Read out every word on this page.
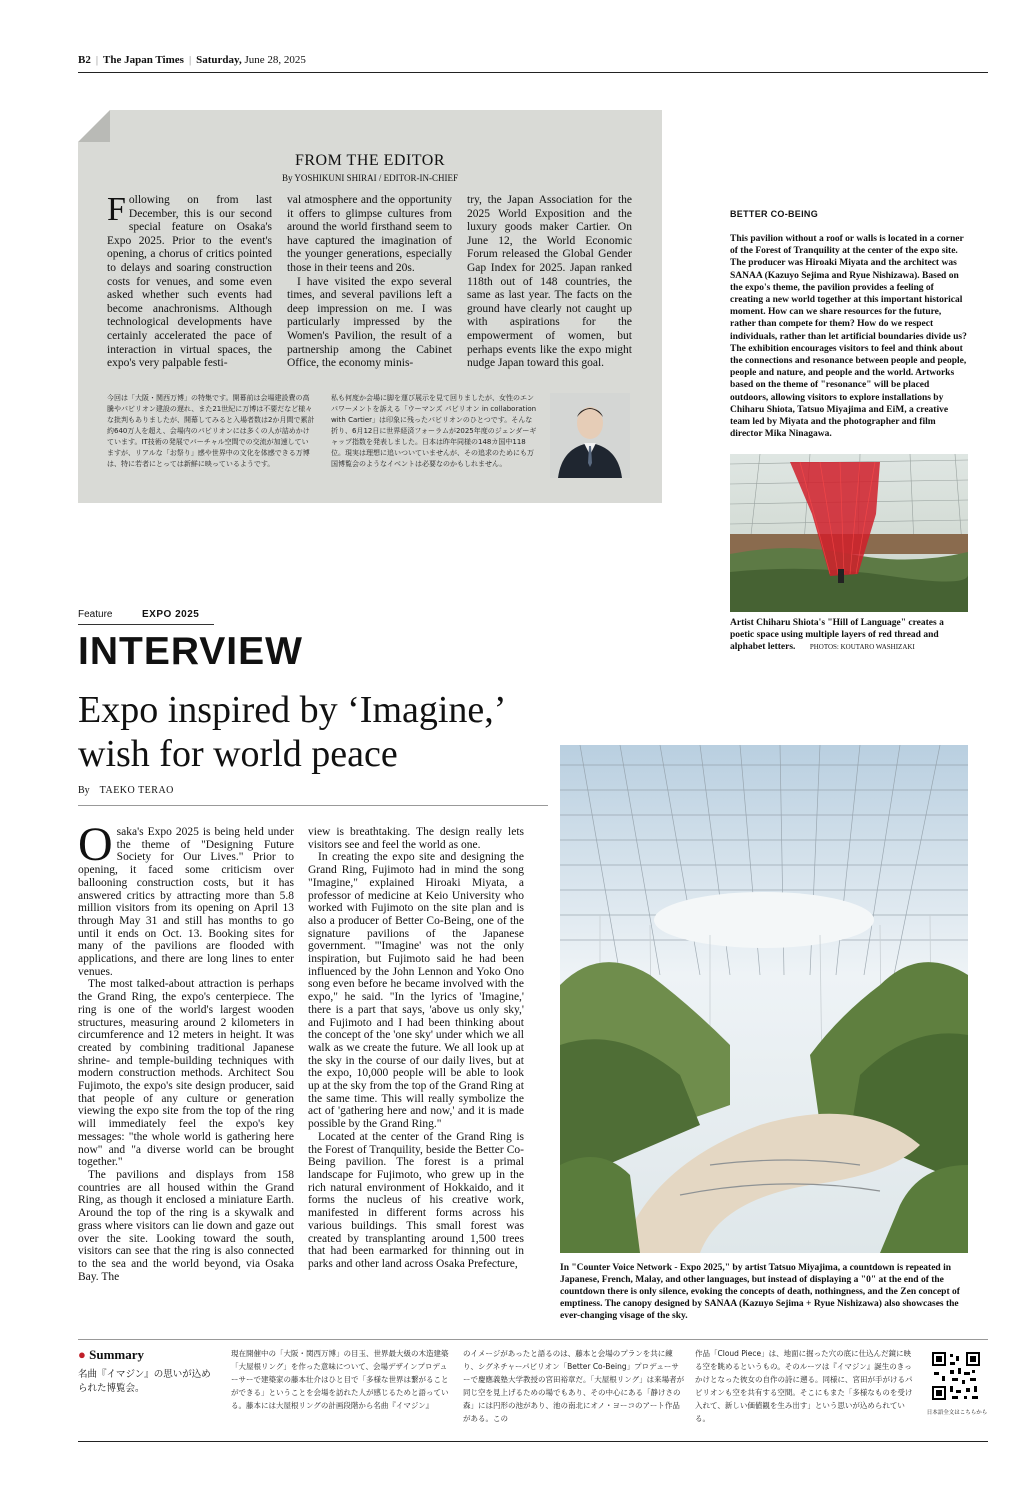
B2 | The Japan Times | Saturday, June 28, 2025
FROM THE EDITOR
By YOSHIKUNI SHIRAI / EDITOR-IN-CHIEF
Following on from last December, this is our second special feature on Osaka's Expo 2025. Prior to the event's opening, a chorus of critics pointed to delays and soaring construction costs for venues, and some even asked whether such events had become anachronisms. Although technological developments have certainly accelerated the pace of interaction in virtual spaces, the expo's very palpable festi-

val atmosphere and the opportunity it offers to glimpse cultures from around the world firsthand seem to have captured the imagination of the younger generations, especially those in their teens and 20s.

I have visited the expo several times, and several pavilions left a deep impression on me. I was particularly impressed by the Women's Pavilion, the result of a partnership among the Cabinet Office, the economy minis-

try, the Japan Association for the 2025 World Exposition and the luxury goods maker Cartier. On June 12, the World Economic Forum released the Global Gender Gap Index for 2025. Japan ranked 118th out of 148 countries, the same as last year. The facts on the ground have clearly not caught up with aspirations for the empowerment of women, but perhaps events like the expo might nudge Japan toward this goal.

今回は「大阪・関西万博」の特集です。開幕前は会場建設費の高騰やパビリオン建設の遅れ、また21世紀に万博は不要だなど様々な批判もありましたが、開幕してみると入場者数は2か月間で累計約640万人を超え、会場内のパビリオンには多くの人が詰めかけています。IT技術の発展でバーチャル空間での交流が加速していますが、リアルな「お祭り」感や世界中の文化を体感できる万博は、特に若者にとっては新鮮に映っているようです。
私も何度か会場に脚を運び展示を見て回りましたが、女性のエンパワーメントを訴える「ウーマンズ パビリオン in collaboration with Cartier」は印象に残ったパビリオンのひとつです。そんな折り、6月12日に世界経済フォーラムが2025年度のジェンダーギャップ指数を発表しました。日本は昨年同様の148カ国中118位。現実は理想に追いついていませんが、その追求のためにも万国博覧会のようなイベントは必要なのかもしれません。
BETTER CO-BEING
This pavilion without a roof or walls is located in a corner of the Forest of Tranquility at the center of the expo site. The producer was Hiroaki Miyata and the architect was SANAA (Kazuyo Sejima and Ryue Nishizawa). Based on the expo's theme, the pavilion provides a feeling of creating a new world together at this important historical moment. How can we share resources for the future, rather than compete for them? How do we respect individuals, rather than let artificial boundaries divide us? The exhibition encourages visitors to feel and think about the connections and resonance between people and people, people and nature, and people and the world. Artworks based on the theme of "resonance" will be placed outdoors, allowing visitors to explore installations by Chiharu Shiota, Tatsuo Miyajima and EiM, a creative team led by Miyata and the photographer and film director Mika Ninagawa.
Artist Chiharu Shiota's "Hill of Language" creates a poetic space using multiple layers of red thread and alphabet letters. PHOTOS: KOUTARO WASHIZAKI
Feature	EXPO 2025
INTERVIEW
Expo inspired by ‘Imagine,’ wish for world peace
By TAEKO TERAO

Osaka's Expo 2025 is being held under the theme of "Designing Future Society for Our Lives." Prior to opening, it faced some criticism over ballooning construction costs, but it has answered critics by attracting more than 5.8 million visitors from its opening on April 13 through May 31 and still has months to go until it ends on Oct. 13. Booking sites for many of the pavilions are flooded with applications, and there are long lines to enter venues.

The most talked-about attraction is perhaps the Grand Ring, the expo's centerpiece. The ring is one of the world's largest wooden structures, measuring around 2 kilometers in circumference and 12 meters in height. It was created by combining traditional Japanese shrine- and temple-building techniques with modern construction methods. Architect Sou Fujimoto, the expo's site design producer, said that people of any culture or generation viewing the expo site from the top of the ring will immediately feel the expo's key messages: "the whole world is gathering here now" and "a diverse world can be brought together."

The pavilions and displays from 158 countries are all housed within the Grand Ring, as though it enclosed a miniature Earth. Around the top of the ring is a skywalk and grass where visitors can lie down and gaze out over the site. Looking toward the south, visitors can see that the ring is also connected to the sea and the world beyond, via Osaka Bay. The

view is breathtaking. The design really lets visitors see and feel the world as one.

In creating the expo site and designing the Grand Ring, Fujimoto had in mind the song "Imagine," explained Hiroaki Miyata, a professor of medicine at Keio University who worked with Fujimoto on the site plan and is also a producer of Better Co-Being, one of the signature pavilions of the Japanese government. "'Imagine' was not the only inspiration, but Fujimoto said he had been influenced by the John Lennon and Yoko Ono song even before he became involved with the expo," he said. "In the lyrics of 'Imagine,' there is a part that says, 'above us only sky,' and Fujimoto and I had been thinking about the concept of the 'one sky' under which we all walk as we create the future. We all look up at the sky in the course of our daily lives, but at the expo, 10,000 people will be able to look up at the sky from the top of the Grand Ring at the same time. This will really symbolize the act of 'gathering here and now,' and it is made possible by the Grand Ring."

Located at the center of the Grand Ring is the Forest of Tranquility, beside the Better Co-Being pavilion. The forest is a primal landscape for Fujimoto, who grew up in the rich natural environment of Hokkaido, and it forms the nucleus of his creative work, manifested in different forms across his various buildings. This small forest was created by transplanting around 1,500 trees that had been earmarked for thinning out in parks and other land across Osaka Prefecture,	In "Counter Voice Network - Expo 2025," by artist Tatsuo Miyajima, a countdown is repeated in Japanese, French, Malay, and other languages, but instead of displaying a "0" at the end of the countdown there is only silence, evoking the concepts of death, nothingness, and the Zen concept of emptiness. The canopy designed by SANAA (Kazuyo Sejima + Ryue Nishizawa) also showcases the ever-changing visage of the sky.
● Summary
名曲『イマジン』の思いが込められた博覧会。
現在開催中の「大阪・関西万博」の目玉、世界最大級の木造建築「大屋根リング」を作った意味について、会場デザインプロデューサーで建築家の藤本壮介はひと目で「多様な世界は繋がることができる」ということを会場を訪れた人が感じるためと語っている。藤本には大屋根リングの計画段階から名曲『イマジン』
のイメージがあったと語るのは、藤本と会場のプランを共に練り、シグネチャーパビリオン「Better Co-Being」プロデューサーで慶應義塾大学教授の宮田裕章だ。「大屋根リング」は来場者が同じ空を見上げるための場でもあり、その中心にある「静けさの森」には円形の池があり、池の南北にオノ・ヨーコのアート作品がある。この
作品「Cloud Piece」は、地面に掘った穴の底に仕込んだ鏡に映る空を眺めるというもの。そのルーツは『イマジン』誕生のきっかけとなった彼女の自作の詩に遡る。同様に、宮田が手がけるパビリオンも空を共有する空間。そこにもまた「多様なものを受け入れて、新しい価値観を生み出す」という思いが込められている。
日本語全文はこちらから
